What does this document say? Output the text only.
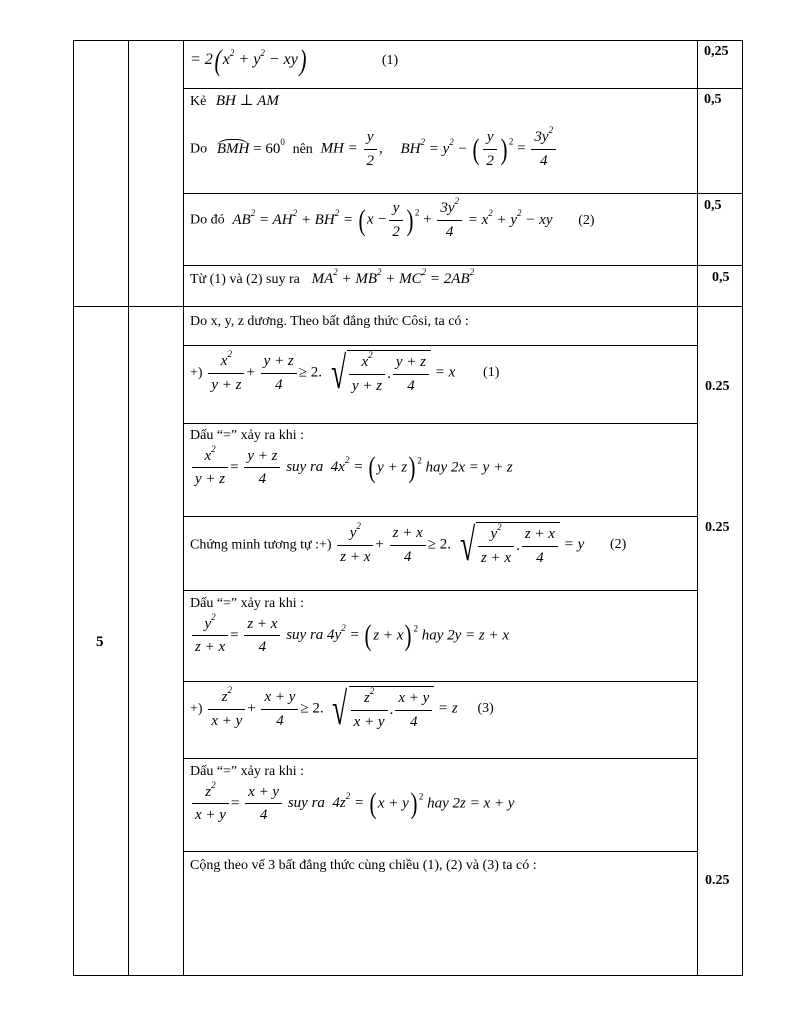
= $2(x^2 + y^2 - xy)$	(1)
0,25
Kẻ BH ⊥ AM	0,5
Do BMH = $60^0$ nên MH = $\frac{y}{2}$ , $BH^2 = y^2$ − ( $\frac{y}{2}$ ) $^2 = \frac{3y^2}{4}$
Do đó $AB^2 = AH^2 + BH^2$ = ( $x - \frac{y}{2}$ ) $^2 + \frac{3y^2}{4} = x^2 + y^2$ − xy (2)
0,5
Từ (1) và (2) suy ra $MA^2 + MB^2 + MC^2 = 2AB^2$	0,5
5
Do x, y, z dương. Theo bất đẳng thức Côsi, ta có :
+) $\frac{x^2}{y + z} + \frac{y + z}{4} \ge 2$. √ $\frac{x^2}{y + z}$ . $\frac{y + z}{4} = x$ (1)
0.25
Dấu “=” xảy ra khi :
$\frac{x^2}{y + z} = \frac{y + z}{4}$ suy ra  $4x^2$ = ( y + z) $^2$ hay 2x = y + z
Chứng minh tương tự :+) $\frac{y^2}{z + x} + \frac{z + x}{4} \ge 2$. √ $\frac{y^2}{z + x}$ . $\frac{z + x}{4} = y$ (2)
0.25
Dấu “=” xảy ra khi :
$\frac{y^2}{z + x} = \frac{z + x}{4}$ suy ra $4y^2$ = ( z + x) $^2$ hay 2y = z + x
+) $\frac{z^2}{x + y} + \frac{x + y}{4} \ge 2$. √ $\frac{z^2}{x + y}$ . $\frac{x + y}{4} = z$ (3)
Dấu “=” xảy ra khi :
$\frac{z^2}{x + y} = \frac{x + y}{4}$ suy ra  $4z^2$ = ( x + y) $^2$ hay 2z = x + y
Cộng theo vế 3 bất đẳng thức cùng chiều (1), (2) và (3) ta có :
0.25
